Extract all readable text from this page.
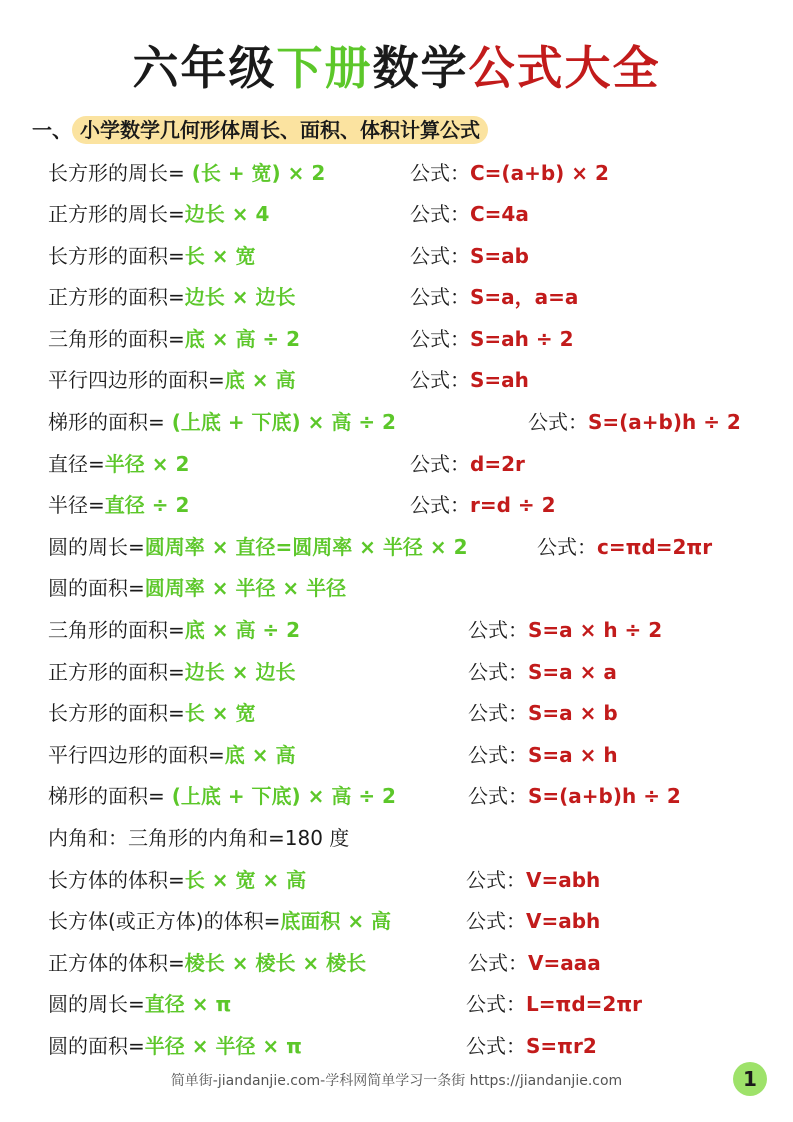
六年级下册数学公式大全
一、 小学数学几何形体周长、面积、体积计算公式
长方形的周长= (长 + 宽) × 2	公式：C=(a+b) × 2
正方形的周长=边长 × 4	公式：C=4a
长方形的面积=长 × 宽	公式：S=ab
正方形的面积=边长 × 边长	公式：S=a，a=a
三角形的面积=底 × 高 ÷ 2	公式：S=ah ÷ 2
平行四边形的面积=底 × 高	公式：S=ah
梯形的面积= (上底 + 下底) × 高 ÷ 2	公式：S=(a+b)h ÷ 2
直径=半径 × 2	公式：d=2r
半径=直径 ÷ 2	公式：r=d ÷ 2
圆的周长=圆周率 × 直径=圆周率 × 半径 × 2	公式：c=πd=2πr
圆的面积=圆周率 × 半径 × 半径
三角形的面积=底 × 高 ÷ 2	公式：S=a × h ÷ 2
正方形的面积=边长 × 边长	公式：S=a × a
长方形的面积=长 × 宽	公式：S=a × b
平行四边形的面积=底 × 高	公式：S=a × h
梯形的面积= (上底 + 下底) × 高 ÷ 2	公式：S=(a+b)h ÷ 2
内角和：三角形的内角和=180 度
长方体的体积=长 × 宽 × 高	公式：V=abh
长方体(或正方体)的体积=底面积 × 高	公式：V=abh
正方体的体积=棱长 × 棱长 × 棱长	公式：V=aaa
圆的周长=直径 × π	公式：L=πd=2πr
圆的面积=半径 × 半径 × π	公式：S=πr2
简单街-jiandanjie.com-学科网简单学习一条街 https://jiandanjie.com	1
